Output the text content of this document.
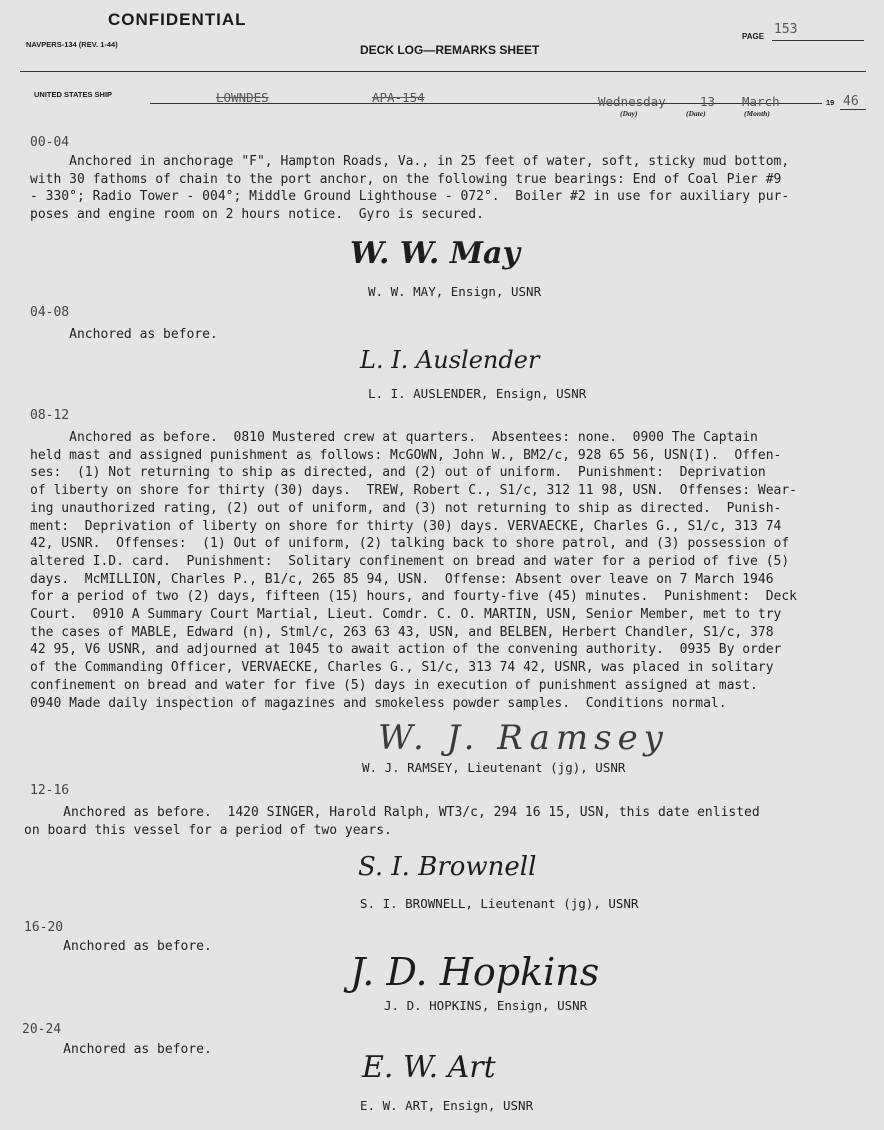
CONFIDENTIAL
NAVPERS-134 (REV. 1-44)	DECK LOG—REMARKS SHEET
PAGE 153
UNITED STATES SHIP	LOWNDES	APA-154	Wednesday	13 March
(Day)	(Date)	(Month)
19 46
00-04
Anchored in anchorage "F", Hampton Roads, Va., in 25 feet of water, soft, sticky mud bottom,
with 30 fathoms of chain to the port anchor, on the following true bearings: End of Coal Pier #9
- 330°; Radio Tower - 004°; Middle Ground Lighthouse - 072°.  Boiler #2 in use for auxiliary pur-
poses and engine room on 2 hours notice.  Gyro is secured.
W. W. May
W. W. MAY, Ensign, USNR
04-08
Anchored as before.
L. I. Auslender
L. I. AUSLENDER, Ensign, USNR
08-12
Anchored as before.  0810 Mustered crew at quarters.  Absentees: none.  0900 The Captain
held mast and assigned punishment as follows: McGOWN, John W., BM2/c, 928 65 56, USN(I).  Offen-
ses:  (1) Not returning to ship as directed, and (2) out of uniform.  Punishment:  Deprivation
of liberty on shore for thirty (30) days.  TREW, Robert C., S1/c, 312 11 98, USN.  Offenses: Wear-
ing unauthorized rating, (2) out of uniform, and (3) not returning to ship as directed.  Punish-
ment:  Deprivation of liberty on shore for thirty (30) days. VERVAECKE, Charles G., S1/c, 313 74
42, USNR.  Offenses:  (1) Out of uniform, (2) talking back to shore patrol, and (3) possession of
altered I.D. card.  Punishment:  Solitary confinement on bread and water for a period of five (5)
days.  McMILLION, Charles P., B1/c, 265 85 94, USN.  Offense: Absent over leave on 7 March 1946
for a period of two (2) days, fifteen (15) hours, and fourty-five (45) minutes.  Punishment:  Deck
Court.  0910 A Summary Court Martial, Lieut. Comdr. C. O. MARTIN, USN, Senior Member, met to try
the cases of MABLE, Edward (n), Stml/c, 263 63 43, USN, and BELBEN, Herbert Chandler, S1/c, 378
42 95, V6 USNR, and adjourned at 1045 to await action of the convening authority.  0935 By order
of the Commanding Officer, VERVAECKE, Charles G., S1/c, 313 74 42, USNR, was placed in solitary
confinement on bread and water for five (5) days in execution of punishment assigned at mast.
0940 Made daily inspection of magazines and smokeless powder samples.  Conditions normal.
W. J. Ramsey
W. J. RAMSEY, Lieutenant (jg), USNR
12-16
Anchored as before.  1420 SINGER, Harold Ralph, WT3/c, 294 16 15, USN, this date enlisted
on board this vessel for a period of two years.
S. I. Brownell
S. I. BROWNELL, Lieutenant (jg), USNR
16-20
Anchored as before.
J. D. Hopkins
J. D. HOPKINS, Ensign, USNR
20-24
Anchored as before.
E. W. Art
E. W. ART, Ensign, USNR
